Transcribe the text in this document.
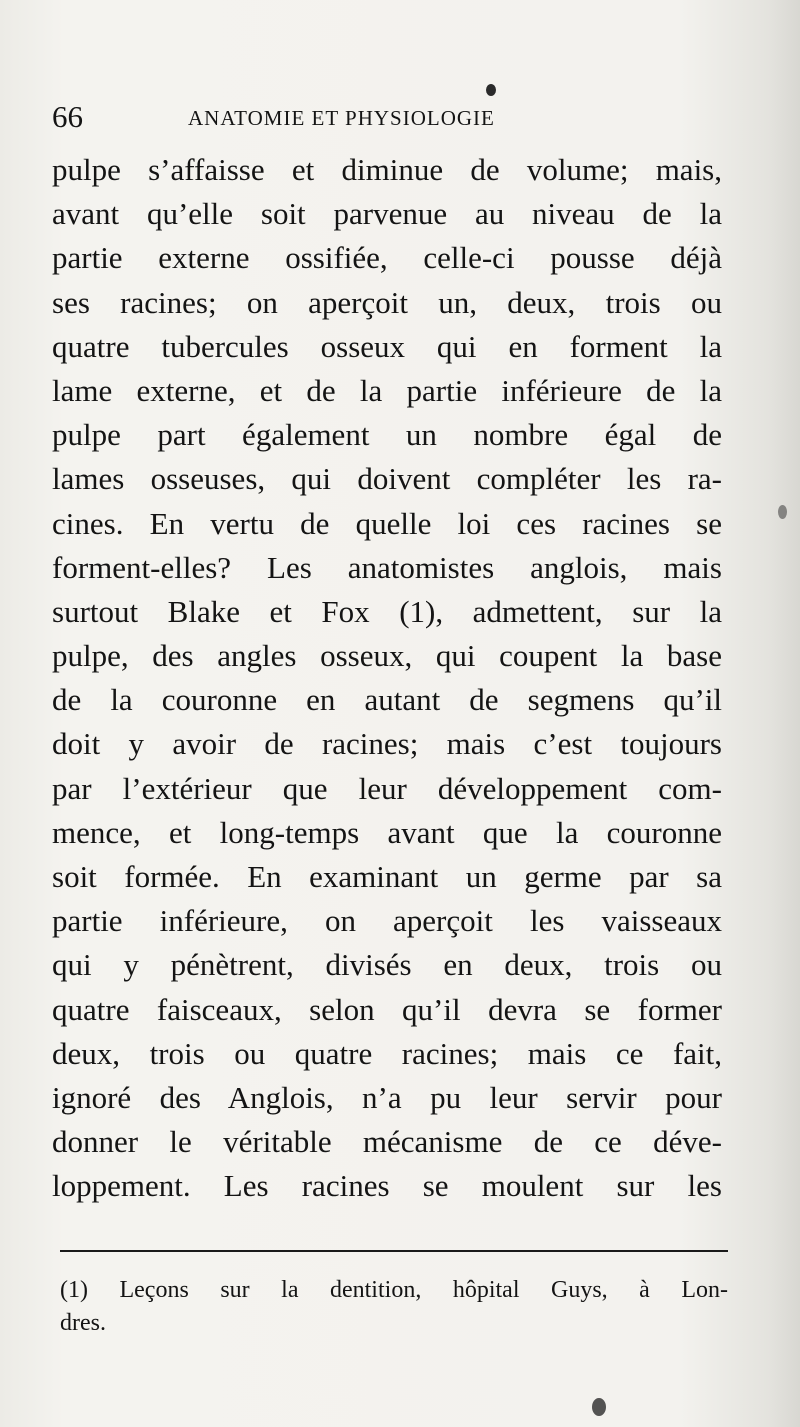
66	ANATOMIE ET PHYSIOLOGIE
pulpe s’affaisse et diminue de volume; mais,
avant qu’elle soit parvenue au niveau de la
partie externe ossifiée, celle-ci pousse déjà
ses racines; on aperçoit un, deux, trois ou
quatre tubercules osseux qui en forment la
lame externe, et de la partie inférieure de la
pulpe part également un nombre égal de
lames osseuses, qui doivent compléter les ra-
cines. En vertu de quelle loi ces racines se
forment-elles? Les anatomistes anglois, mais
surtout Blake et Fox (1), admettent, sur la
pulpe, des angles osseux, qui coupent la base
de la couronne en autant de segmens qu’il
doit y avoir de racines; mais c’est toujours
par l’extérieur que leur développement com-
mence, et long-temps avant que la couronne
soit formée. En examinant un germe par sa
partie inférieure, on aperçoit les vaisseaux
qui y pénètrent, divisés en deux, trois ou
quatre faisceaux, selon qu’il devra se former
deux, trois ou quatre racines; mais ce fait,
ignoré des Anglois, n’a pu leur servir pour
donner le véritable mécanisme de ce déve-
loppement. Les racines se moulent sur les
(1) Leçons sur la dentition, hôpital Guys, à Lon-
dres.
